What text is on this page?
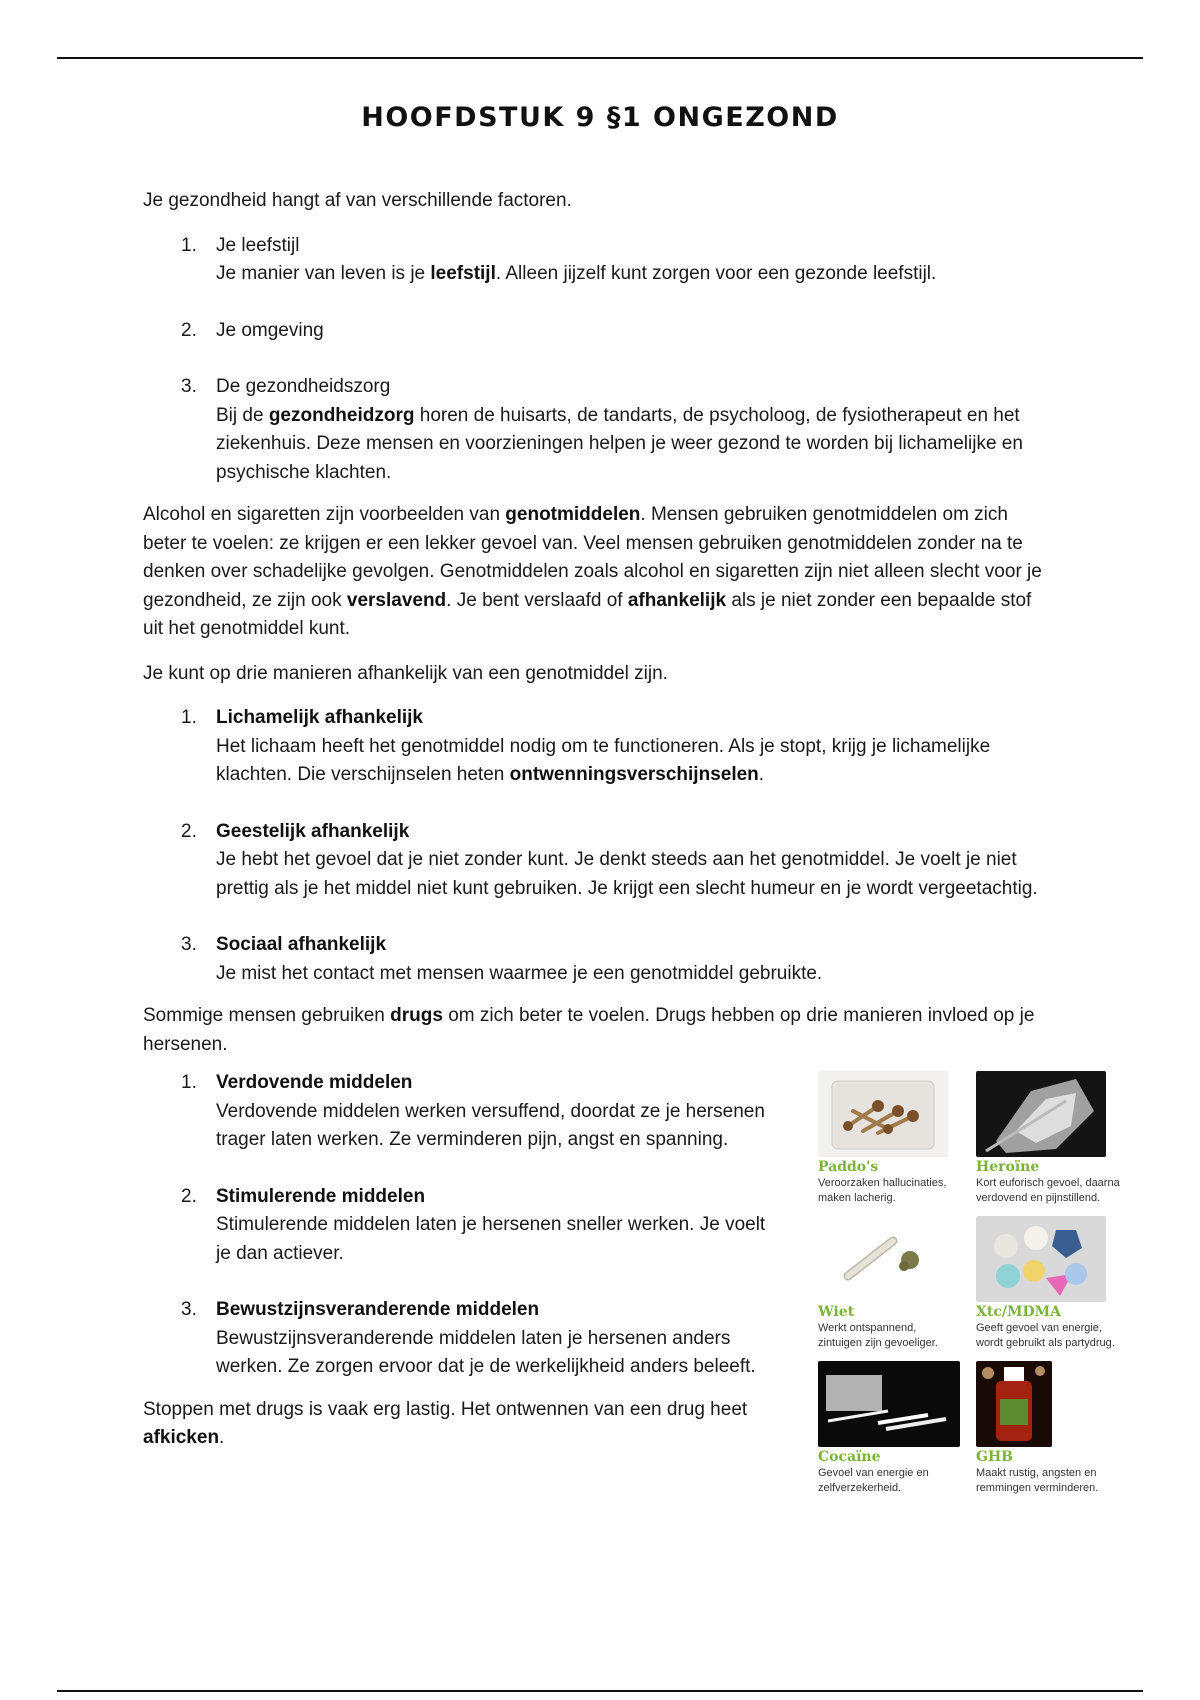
HOOFDSTUK 9 §1 ONGEZOND

Je gezondheid hangt af van verschillende factoren.

1. Je leefstijl
Je manier van leven is je leefstijl. Alleen jijzelf kunt zorgen voor een gezonde leefstijl.
2. Je omgeving
3. De gezondheidszorg
Bij de gezondheidzorg horen de huisarts, de tandarts, de psycholoog, de fysiotherapeut en het ziekenhuis. Deze mensen en voorzieningen helpen je weer gezond te worden bij lichamelijke en psychische klachten.

Alcohol en sigaretten zijn voorbeelden van genotmiddelen. Mensen gebruiken genotmiddelen om zich beter te voelen: ze krijgen er een lekker gevoel van. Veel mensen gebruiken genotmiddelen zonder na te denken over schadelijke gevolgen. Genotmiddelen zoals alcohol en sigaretten zijn niet alleen slecht voor je gezondheid, ze zijn ook verslavend. Je bent verslaafd of afhankelijk als je niet zonder een bepaalde stof uit het genotmiddel kunt.

Je kunt op drie manieren afhankelijk van een genotmiddel zijn.

1. Lichamelijk afhankelijk
Het lichaam heeft het genotmiddel nodig om te functioneren. Als je stopt, krijg je lichamelijke klachten. Die verschijnselen heten ontwenningsverschijnselen.
2. Geestelijk afhankelijk
Je hebt het gevoel dat je niet zonder kunt. Je denkt steeds aan het genotmiddel. Je voelt je niet prettig als je het middel niet kunt gebruiken. Je krijgt een slecht humeur en je wordt vergeetachtig.
3. Sociaal afhankelijk
Je mist het contact met mensen waarmee je een genotmiddel gebruikte.

Sommige mensen gebruiken drugs om zich beter te voelen. Drugs hebben op drie manieren invloed op je hersenen.

1. Verdovende middelen
Verdovende middelen werken versuffend, doordat ze je hersenen trager laten werken. Ze verminderen pijn, angst en spanning.
2. Stimulerende middelen
Stimulerende middelen laten je hersenen sneller werken. Je voelt je dan actiever.
3. Bewustzijnsveranderende middelen
Bewustzijnsveranderende middelen laten je hersenen anders werken. Ze zorgen ervoor dat je de werkelijkheid anders beleeft.

Stoppen met drugs is vaak erg lastig. Het ontwennen van een drug heet afkicken.

Paddo's
Veroorzaken hallucinaties,
maken lacherig.
Heroïne
Kort euforisch gevoel, daarna
verdovend en pijnstillend.
Wiet
Werkt ontspannend,
zintuigen zijn gevoeliger.
Xtc/MDMA
Geeft gevoel van energie,
wordt gebruikt als partydrug.
Cocaïne
Gevoel van energie en
zelfverzekerheid.
GHB
Maakt rustig, angsten en
remmingen verminderen.
